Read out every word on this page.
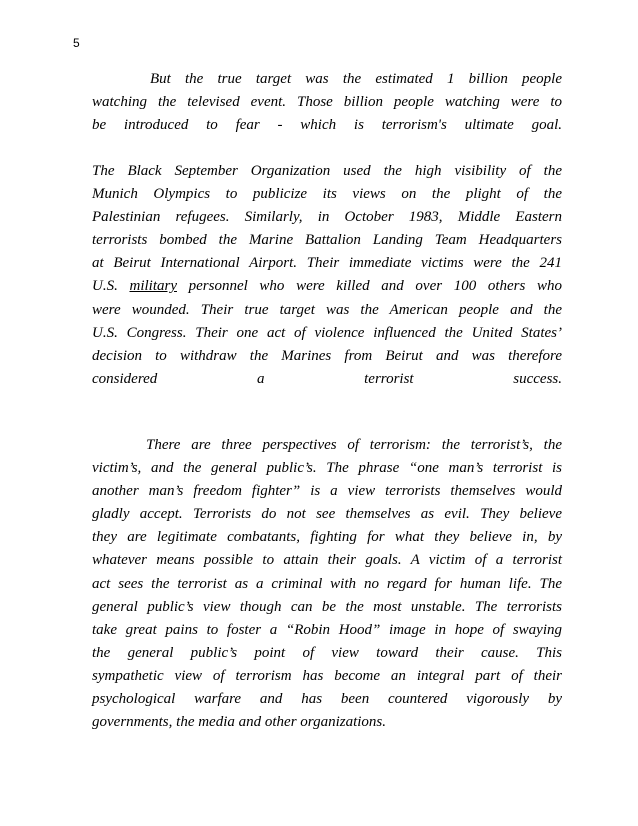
5
But the true target was the estimated 1 billion people
watching the televised event. Those billion people watching were to
be introduced to fear - which is terrorism's ultimate goal.
The Black September Organization used the high visibility of the
Munich Olympics to publicize its views on the plight of the
Palestinian refugees. Similarly, in October 1983, Middle Eastern
terrorists bombed the Marine Battalion Landing Team Headquarters
at Beirut International Airport. Their immediate victims were the 241
U.S. military personnel who were killed and over 100 others who
were wounded. Their true target was the American people and the
U.S. Congress. Their one act of violence influenced the United States’
decision to withdraw the Marines from Beirut and was therefore
considered a terrorist success.
There are three perspectives of terrorism: the terrorist’s, the
victim’s, and the general public’s. The phrase “one man’s terrorist is
another man’s freedom fighter” is a view terrorists themselves would
gladly accept. Terrorists do not see themselves as evil. They believe
they are legitimate combatants, fighting for what they believe in, by
whatever means possible to attain their goals. A victim of a terrorist
act sees the terrorist as a criminal with no regard for human life. The
general public’s view though can be the most unstable. The terrorists
take great pains to foster a “Robin Hood” image in hope of swaying
the general public’s point of view toward their cause. This
sympathetic view of terrorism has become an integral part of their
psychological warfare and has been countered vigorously by
governments, the media and other organizations.
